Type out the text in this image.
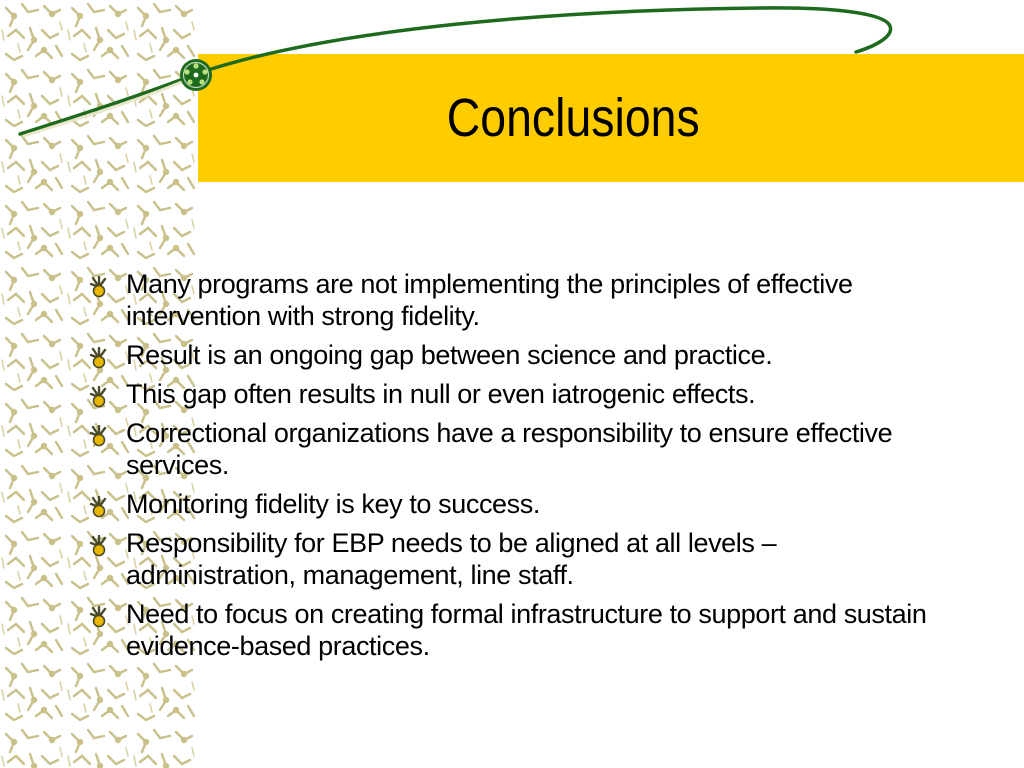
Conclusions
Many programs are not implementing the principles of effective intervention with strong fidelity.
Result is an ongoing gap between science and practice.
This gap often results in null or even iatrogenic effects.
Correctional organizations have a responsibility to ensure effective services.
Monitoring fidelity is key to success.
Responsibility for EBP needs to be aligned at all levels – administration, management, line staff.
Need to focus on creating formal infrastructure to support and sustain evidence-based practices.
